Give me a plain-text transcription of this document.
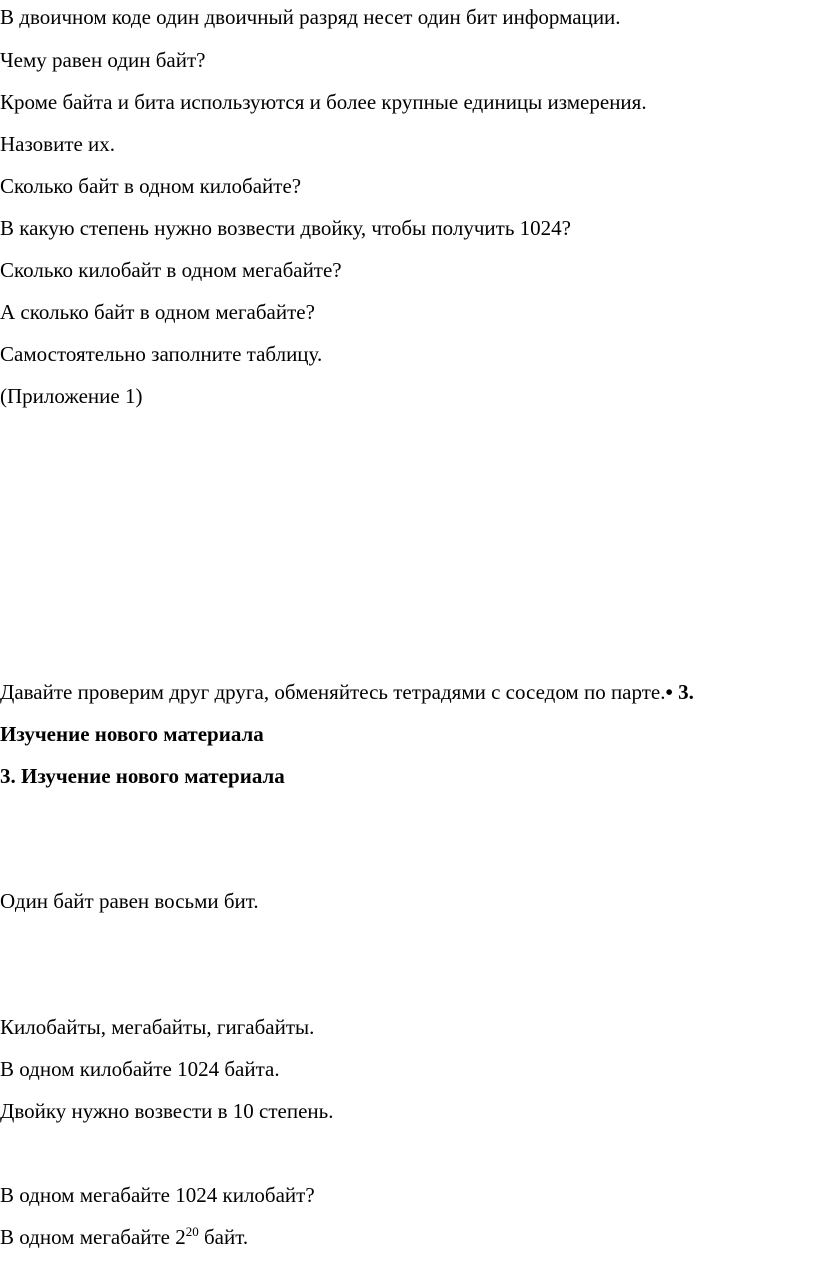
В двоичном коде один двоичный разряд несет один бит информации.

Чему равен один байт?

Кроме байта и бита используются и более крупные единицы измерения.

Назовите их.

Сколько байт в одном килобайте?

В какую степень нужно возвести двойку, чтобы получить 1024?

Сколько килобайт в одном мегабайте?

А сколько байт в одном мегабайте?

Самостоятельно заполните таблицу.

(Приложение 1)

Давайте проверим друг друга, обменяйтесь тетрадями с соседом по парте.• 3.

Изучение нового материала

3. Изучение нового материала

Один байт равен восьми бит.

Килобайты, мегабайты, гигабайты.

В одном килобайте 1024 байта.

Двойку нужно возвести в 10 степень.

В одном мегабайте 1024 килобайт?

В одном мегабайте $2^{20}$ байт.
